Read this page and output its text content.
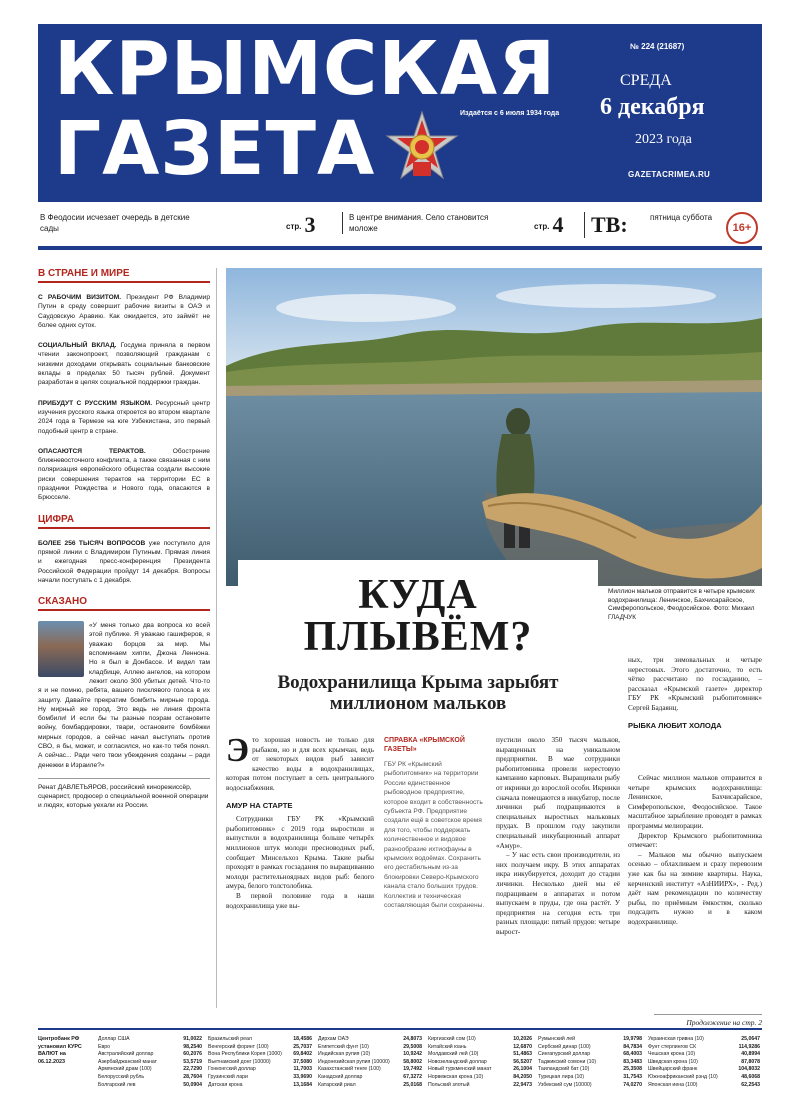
КРЫМСКАЯ
ГАЗЕТА	Издаётся с 6 июля 1934 года
№ 224 (21687)
СРЕДА
6 декабря
2023 года
GAZETACRIMEA.RU
В Феодосии исчезает очередь в детские сады	стр. 3	В центре внимания. Село становится моложе	стр. 4	ТВ:	пятница суббота
16+
В СТРАНЕ И МИРЕ
С РАБОЧИМ ВИЗИТОМ. Президент РФ Владимир Путин в среду совершит рабочие визиты в ОАЭ и Саудовскую Аравию. Как ожидается, это займёт не более одних суток.
СОЦИАЛЬНЫЙ ВКЛАД. Госдума приняла в первом чтении законопроект, позволяющий гражданам с низкими доходами открывать социальные банковские вклады в пределах 50 тысяч рублей. Документ разработан в целях социальной поддержки граждан.
ПРИБУДУТ С РУССКИМ ЯЗЫКОМ. Ресурсный центр изучения русского языка откроется во втором квартале 2024 года в Термезе на юге Узбекистана, это первый подобный центр в стране.
ОПАСАЮТСЯ ТЕРАКТОВ. Обострение ближневосточного конфликта, а также связанная с ним поляризация европейского общества создали высокие риски совершения терактов на территории ЕС в праздники Рождества и Нового года, опасаются в Брюсселе.
ЦИФРА
БОЛЕЕ 256 ТЫСЯЧ ВОПРОСОВ уже поступило для прямой линии с Владимиром Путиным. Прямая линия и ежегодная пресс-конференция Президента Российской Федерации пройдут 14 декабря. Вопросы начали поступать с 1 декабря.
СКАЗАНО
«У меня только два вопроса ко всей этой публике. Я уважаю гашиферов, я уважаю борцов за мир. Мы вспоминаем хиппи, Джона Леннона. Но я был в Донбассе. И видел там кладбище, Аллею ангелов, на котором лежит около 300 убитых детей. Что-то я и не помню, ребята, вашего писклявого голоса в их защиту. Давайте прекратим бомбить мирные города. Ну мирный же город. Это ведь не линия фронта бомбили! И если бы ты разные поэрам остановите войну, бомбардировки, твари, остановите бомбёжки мирных городов, а сейчас начал выступать против СВО, я бы, может, и согласился, но как-то тебя понял. А сейчас... Ради чего твои убеждения созданы – ради денежки в Израиле?»
Ренат ДАВЛЕТЬЯРОВ, российский кинорежиссёр, сценарист, продюсер о специальной военной операции и людях, которые уехали из России.
Миллион мальков отправится в четыре крымских водохранилища: Ленинское, Бахчисарайское, Симферопольское, Феодосийское. Фото: Михаил ГЛАДЧУК
КУДА
ПЛЫВЁМ?
Водохранилища Крыма зарыбят миллионом мальков

Это хорошая новость не только для рыбаков, но и для всех крымчан, ведь от некоторых видов рыб зависит качество воды в водохранилищах, которая потом поступает в сеть центрального водоснабжения.

АМУР НА СТАРТЕ

Сотрудники ГБУ РК «Крымский рыбопитомник» с 2019 года выростили и выпустили в водохранилища больше четырёх миллионов штук молоди пресноводных рыб, сообщает Минсельхоз Крыма. Такие рыбы проходят в рамках госзадания по выращиванию молоди растительноядных видов рыб: белого амура, белого толстолобика.

В первой половине года в наши водохранилища уже вы-

СПРАВКА «КРЫМСКОЙ ГАЗЕТЫ»
ГБУ РК «Крымский рыбопитомник» на территории России единственное рыбоводное предприятие, которое входит в собственность субъекта РФ. Предприятие создали ещё в советское время для того, чтобы поддержать количественное и видовое разнообразие ихтиофауны в крымских водоёмах. Сохранить его дестабильным из-за блокировки Северо-Крымского канала стало больших трудов. Коллектив и техническая составляющая были сохранены.

пустили около 350 тысяч мальков, выращенных на уникальном предприятии. В мае сотрудники рыбопитомника провели нерестовую кампанию карповых. Выращивали рыбу от икринки до взрослой особи. Икринки сначала помещаются в инкубатор, после личинки рыб подращиваются в специальных выростных мальковых прудах. В прошлом году закупили специальный инкубационный аппарат «Амур».

– У нас есть свои производители, из них получаем икру. В этих аппаратах икра инкубируется, доходит до стадии личинки. Несколько дней мы её подращиваем в аппаратах и потом выпускаем в пруды, где она растёт. У предприятия на сегодня есть три разных площади: пятый прудов: четыре вырост-

ных, три зимовальных и четыре нерестовых. Этого достаточно, то есть чётко рассчитано по госзаданию, – рассказал «Крымской газете» директор ГБУ РК «Крымский рыбопитомник» Сергей Бадаянц.

РЫБКА ЛЮБИТ ХОЛОДА

Сейчас миллион мальков отправится в четыре крымских водохранилища: Ленинское, Бахчисарайское, Симферопольское, Феодосийское. Такое масштабное зарыбление проводят в рамках программы мелиорации.

Директор Крымского рыбопитомника отмечает:

– Мальков мы обычно выпускаем осенью – облахливаем и сразу перевозим уже как бы на зимние квартиры. Наука, керченский институт «АзНИИРХ», - Ред.) даёт нам рекомендации по количеству рыбы, по приёмным ёмкостям, сколько подсадить нужно и в каком водохранилище.

Продолжение на стр. 2
Центробанк РФ установил КУРС ВАЛЮТ на 06.12.2023
Доллар США	91,0022
Евро	98,2540
Австралийский доллар	60,2076
Азербайджанский манат	53,5719
Армянский драм (100)	22,7290
Белорусский рубль	28,7604
Болгарский лев	50,0904
Бразильский реал	18,4586
Венгерский форинт (100)	25,7037
Вона Республики Корея (1000) 69,8402
Вьетнамский донг (10000)	37,5080
Гонконгский доллар	11,7003
Грузинский лари	33,9690
Датская крона	13,1684
Дирхам ОАЭ	24,8073
Египетский фунт (10)	29,5008
Индийская рупия (10)	10,9242
Индонезийская рупия (10000)	58,8002
Казахстанский тенге (100)	19,7492
Канадский доллар	67,3272
Катарский риал	25,0168
Киргизский сом (10)	10,2026
Китайский юань	12,6870
Молдавский лей (10)	51,4863
Новозеландский доллар	56,5207
Новый туркменский манат	26,1004
Норвежская крона (10)	84,2050
Польский злотый	22,9473
Румынский лей	19,9798
Сербский динар (100)	84,7834
Сингапурский доллар	68,4003
Таджикский сомони (10)	83,3483
Таиландский бат (10)	25,3508
Турецкая лира (10)	31,7543
Узбекский сум (10000)	74,0270
Украинская гривна (10)	25,0647
Фунт стерлингов СК	114,9286
Чешская крона (10)	40,8994
Шведская крона (10)	87,8078
Швейцарский франк	104,8032
Южноафриканский рэнд (10)	48,6068
Японская иена (100)	62,2543
